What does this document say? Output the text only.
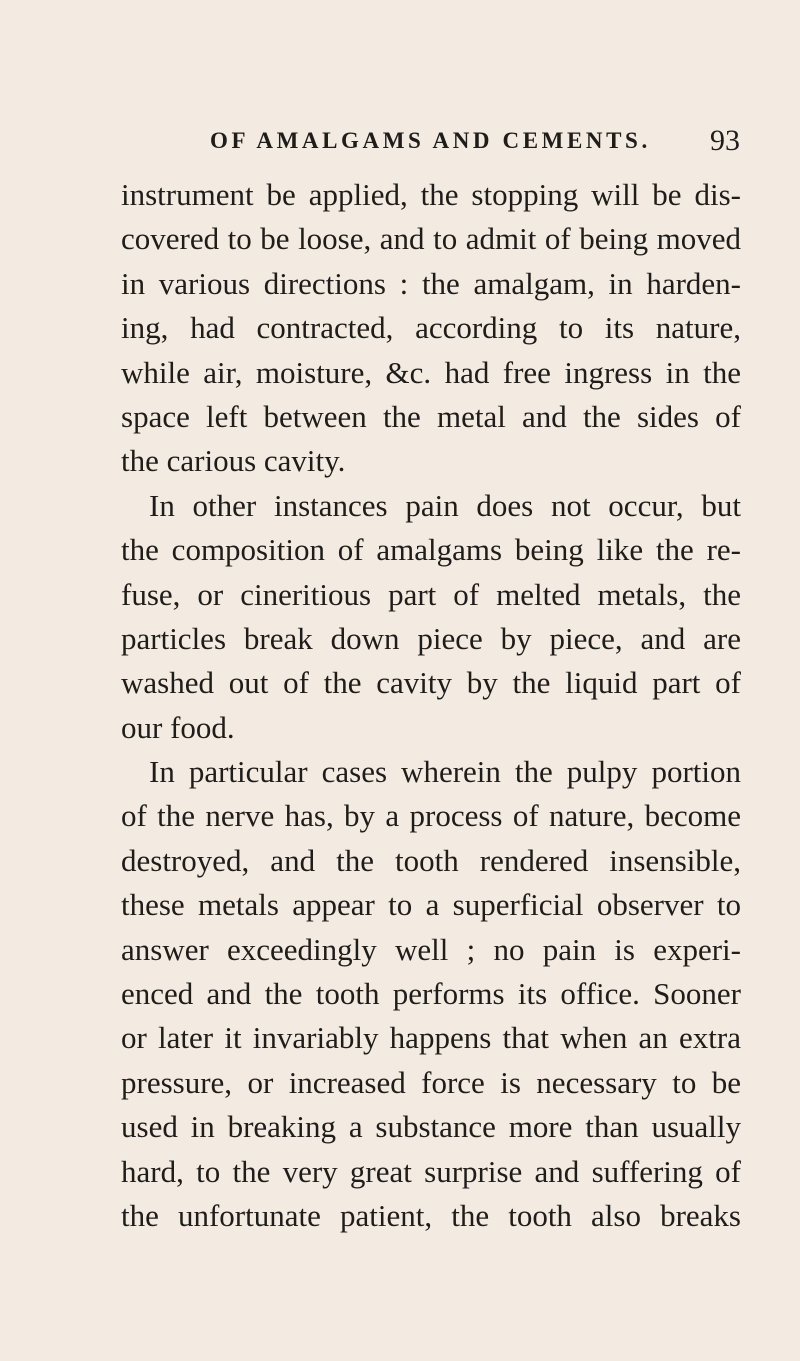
OF AMALGAMS AND CEMENTS. 93
instrument be applied, the stopping will be dis-
covered to be loose, and to admit of being moved
in various directions : the amalgam, in harden-
ing, had contracted, according to its nature,
while air, moisture, &c. had free ingress in the
space left between the metal and the sides of
the carious cavity.
In other instances pain does not occur, but
the composition of amalgams being like the re-
fuse, or cineritious part of melted metals, the
particles break down piece by piece, and are
washed out of the cavity by the liquid part of
our food.
In particular cases wherein the pulpy portion
of the nerve has, by a process of nature, become
destroyed, and the tooth rendered insensible,
these metals appear to a superficial observer to
answer exceedingly well ; no pain is experi-
enced and the tooth performs its office. Sooner
or later it invariably happens that when an extra
pressure, or increased force is necessary to be
used in breaking a substance more than usually
hard, to the very great surprise and suffering of
the unfortunate patient, the tooth also breaks
